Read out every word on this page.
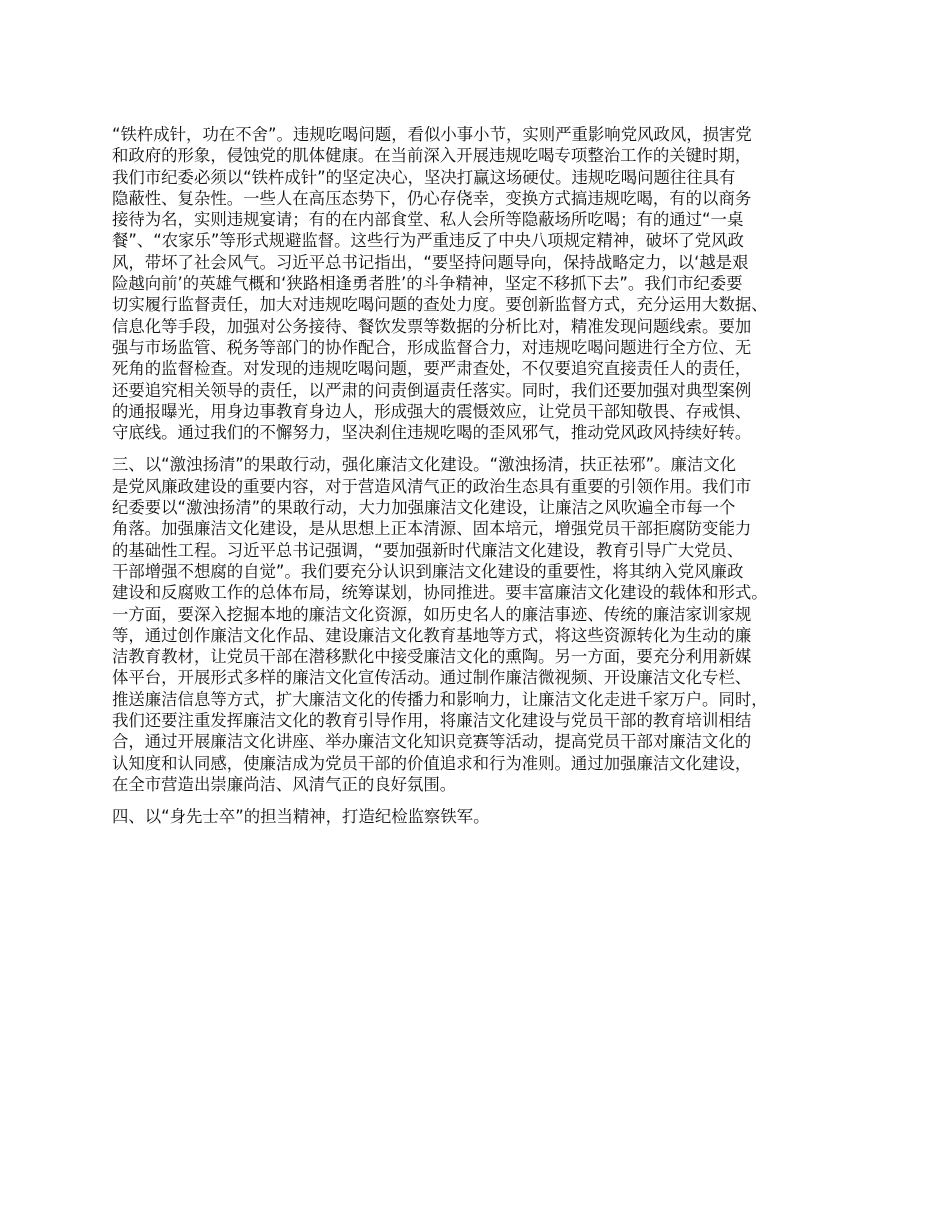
“铁杵成针，功在不舍”。违规吃喝问题，看似小事小节，实则严重影响党风政风，损害党
和政府的形象，侵蚀党的肌体健康。在当前深入开展违规吃喝专项整治工作的关键时期，
我们市纪委必须以“铁杵成针”的坚定决心，坚决打赢这场硬仗。违规吃喝问题往往具有
隐蔽性、复杂性。一些人在高压态势下，仍心存侥幸，变换方式搞违规吃喝，有的以商务
接待为名，实则违规宴请；有的在内部食堂、私人会所等隐蔽场所吃喝；有的通过“一桌
餐”、“农家乐”等形式规避监督。这些行为严重违反了中央八项规定精神，破坏了党风政
风，带坏了社会风气。习近平总书记指出，“要坚持问题导向，保持战略定力，以‘越是艰
险越向前’的英雄气概和‘狭路相逢勇者胜’的斗争精神，坚定不移抓下去”。我们市纪委要
切实履行监督责任，加大对违规吃喝问题的查处力度。要创新监督方式，充分运用大数据、
信息化等手段，加强对公务接待、餐饮发票等数据的分析比对，精准发现问题线索。要加
强与市场监管、税务等部门的协作配合，形成监督合力，对违规吃喝问题进行全方位、无
死角的监督检查。对发现的违规吃喝问题，要严肃查处，不仅要追究直接责任人的责任，
还要追究相关领导的责任，以严肃的问责倒逼责任落实。同时，我们还要加强对典型案例
的通报曝光，用身边事教育身边人，形成强大的震慑效应，让党员干部知敬畏、存戒惧、
守底线。通过我们的不懈努力，坚决刹住违规吃喝的歪风邪气，推动党风政风持续好转。
三、以“激浊扬清”的果敢行动，强化廉洁文化建设。“激浊扬清，扶正祛邪”。廉洁文化
是党风廉政建设的重要内容，对于营造风清气正的政治生态具有重要的引领作用。我们市
纪委要以“激浊扬清”的果敢行动，大力加强廉洁文化建设，让廉洁之风吹遍全市每一个
角落。加强廉洁文化建设，是从思想上正本清源、固本培元，增强党员干部拒腐防变能力
的基础性工程。习近平总书记强调，“要加强新时代廉洁文化建设，教育引导广大党员、
干部增强不想腐的自觉”。我们要充分认识到廉洁文化建设的重要性，将其纳入党风廉政
建设和反腐败工作的总体布局，统筹谋划，协同推进。要丰富廉洁文化建设的载体和形式。
一方面，要深入挖掘本地的廉洁文化资源，如历史名人的廉洁事迹、传统的廉洁家训家规
等，通过创作廉洁文化作品、建设廉洁文化教育基地等方式，将这些资源转化为生动的廉
洁教育教材，让党员干部在潜移默化中接受廉洁文化的熏陶。另一方面，要充分利用新媒
体平台，开展形式多样的廉洁文化宣传活动。通过制作廉洁微视频、开设廉洁文化专栏、
推送廉洁信息等方式，扩大廉洁文化的传播力和影响力，让廉洁文化走进千家万户。同时，
我们还要注重发挥廉洁文化的教育引导作用，将廉洁文化建设与党员干部的教育培训相结
合，通过开展廉洁文化讲座、举办廉洁文化知识竞赛等活动，提高党员干部对廉洁文化的
认知度和认同感，使廉洁成为党员干部的价值追求和行为准则。通过加强廉洁文化建设，
在全市营造出崇廉尚洁、风清气正的良好氛围。
四、以“身先士卒”的担当精神，打造纪检监察铁军。
